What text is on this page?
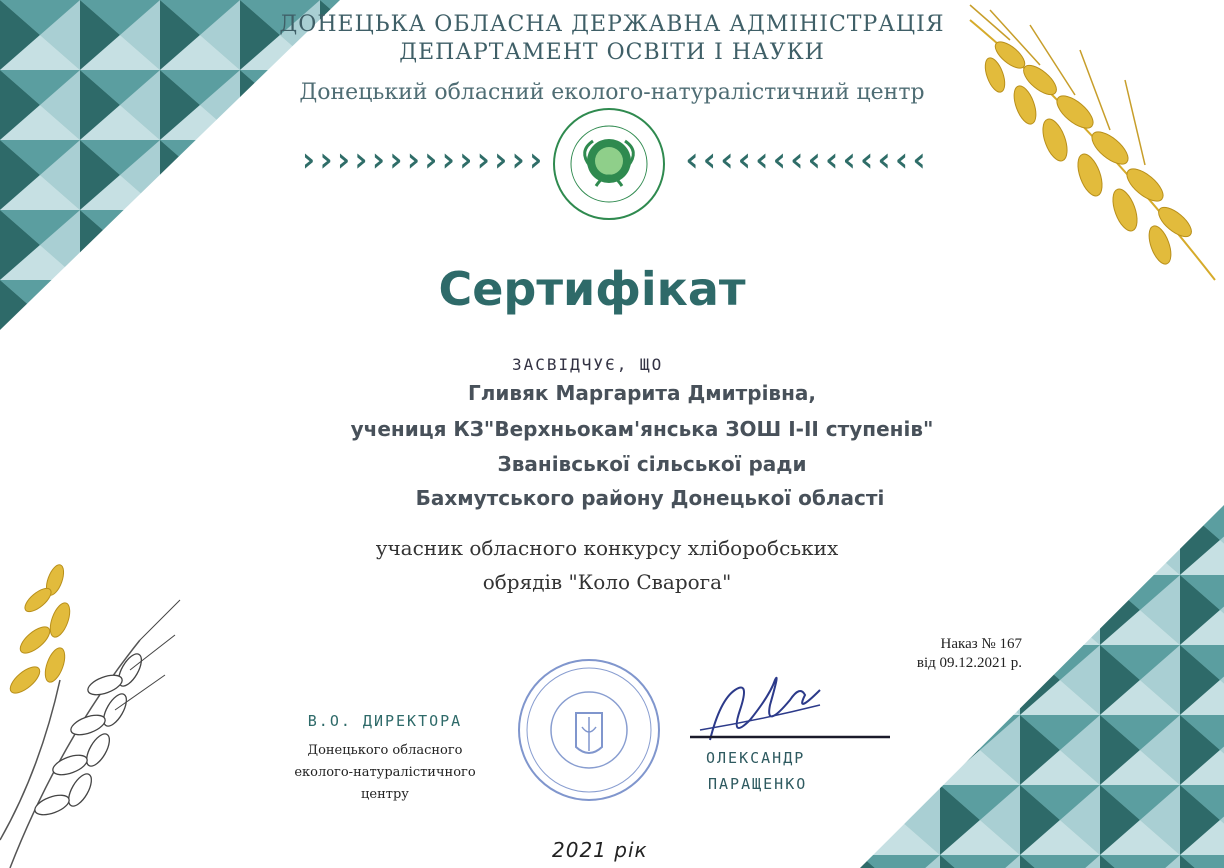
ДОНЕЦЬКА ОБЛАСНА ДЕРЖАВНА АДМІНІСТРАЦІЯ
ДЕПАРТАМЕНТ ОСВІТИ І НАУКИ
Донецький обласний еколого-натуралістичний центр
››››››››››››››	‹‹‹‹‹‹‹‹‹‹‹‹‹‹
Сертифікат
ЗАСВІДЧУЄ, ЩО
Гливяк Маргарита Дмитрівна,
учениця КЗ"Верхньокам'янська ЗОШ І-ІІ ступенів"
Званівської сільської ради
Бахмутського району Донецької області
учасник обласного конкурсу хліборобських
обрядів "Коло Сварога"
Наказ № 167
від 09.12.2021 р.
В.О. ДИРЕКТОРА
Донецького обласного
еколого-натуралістичного
центру
ОЛЕКСАНДР
ПАРАЩЕНКО
2021 рік
